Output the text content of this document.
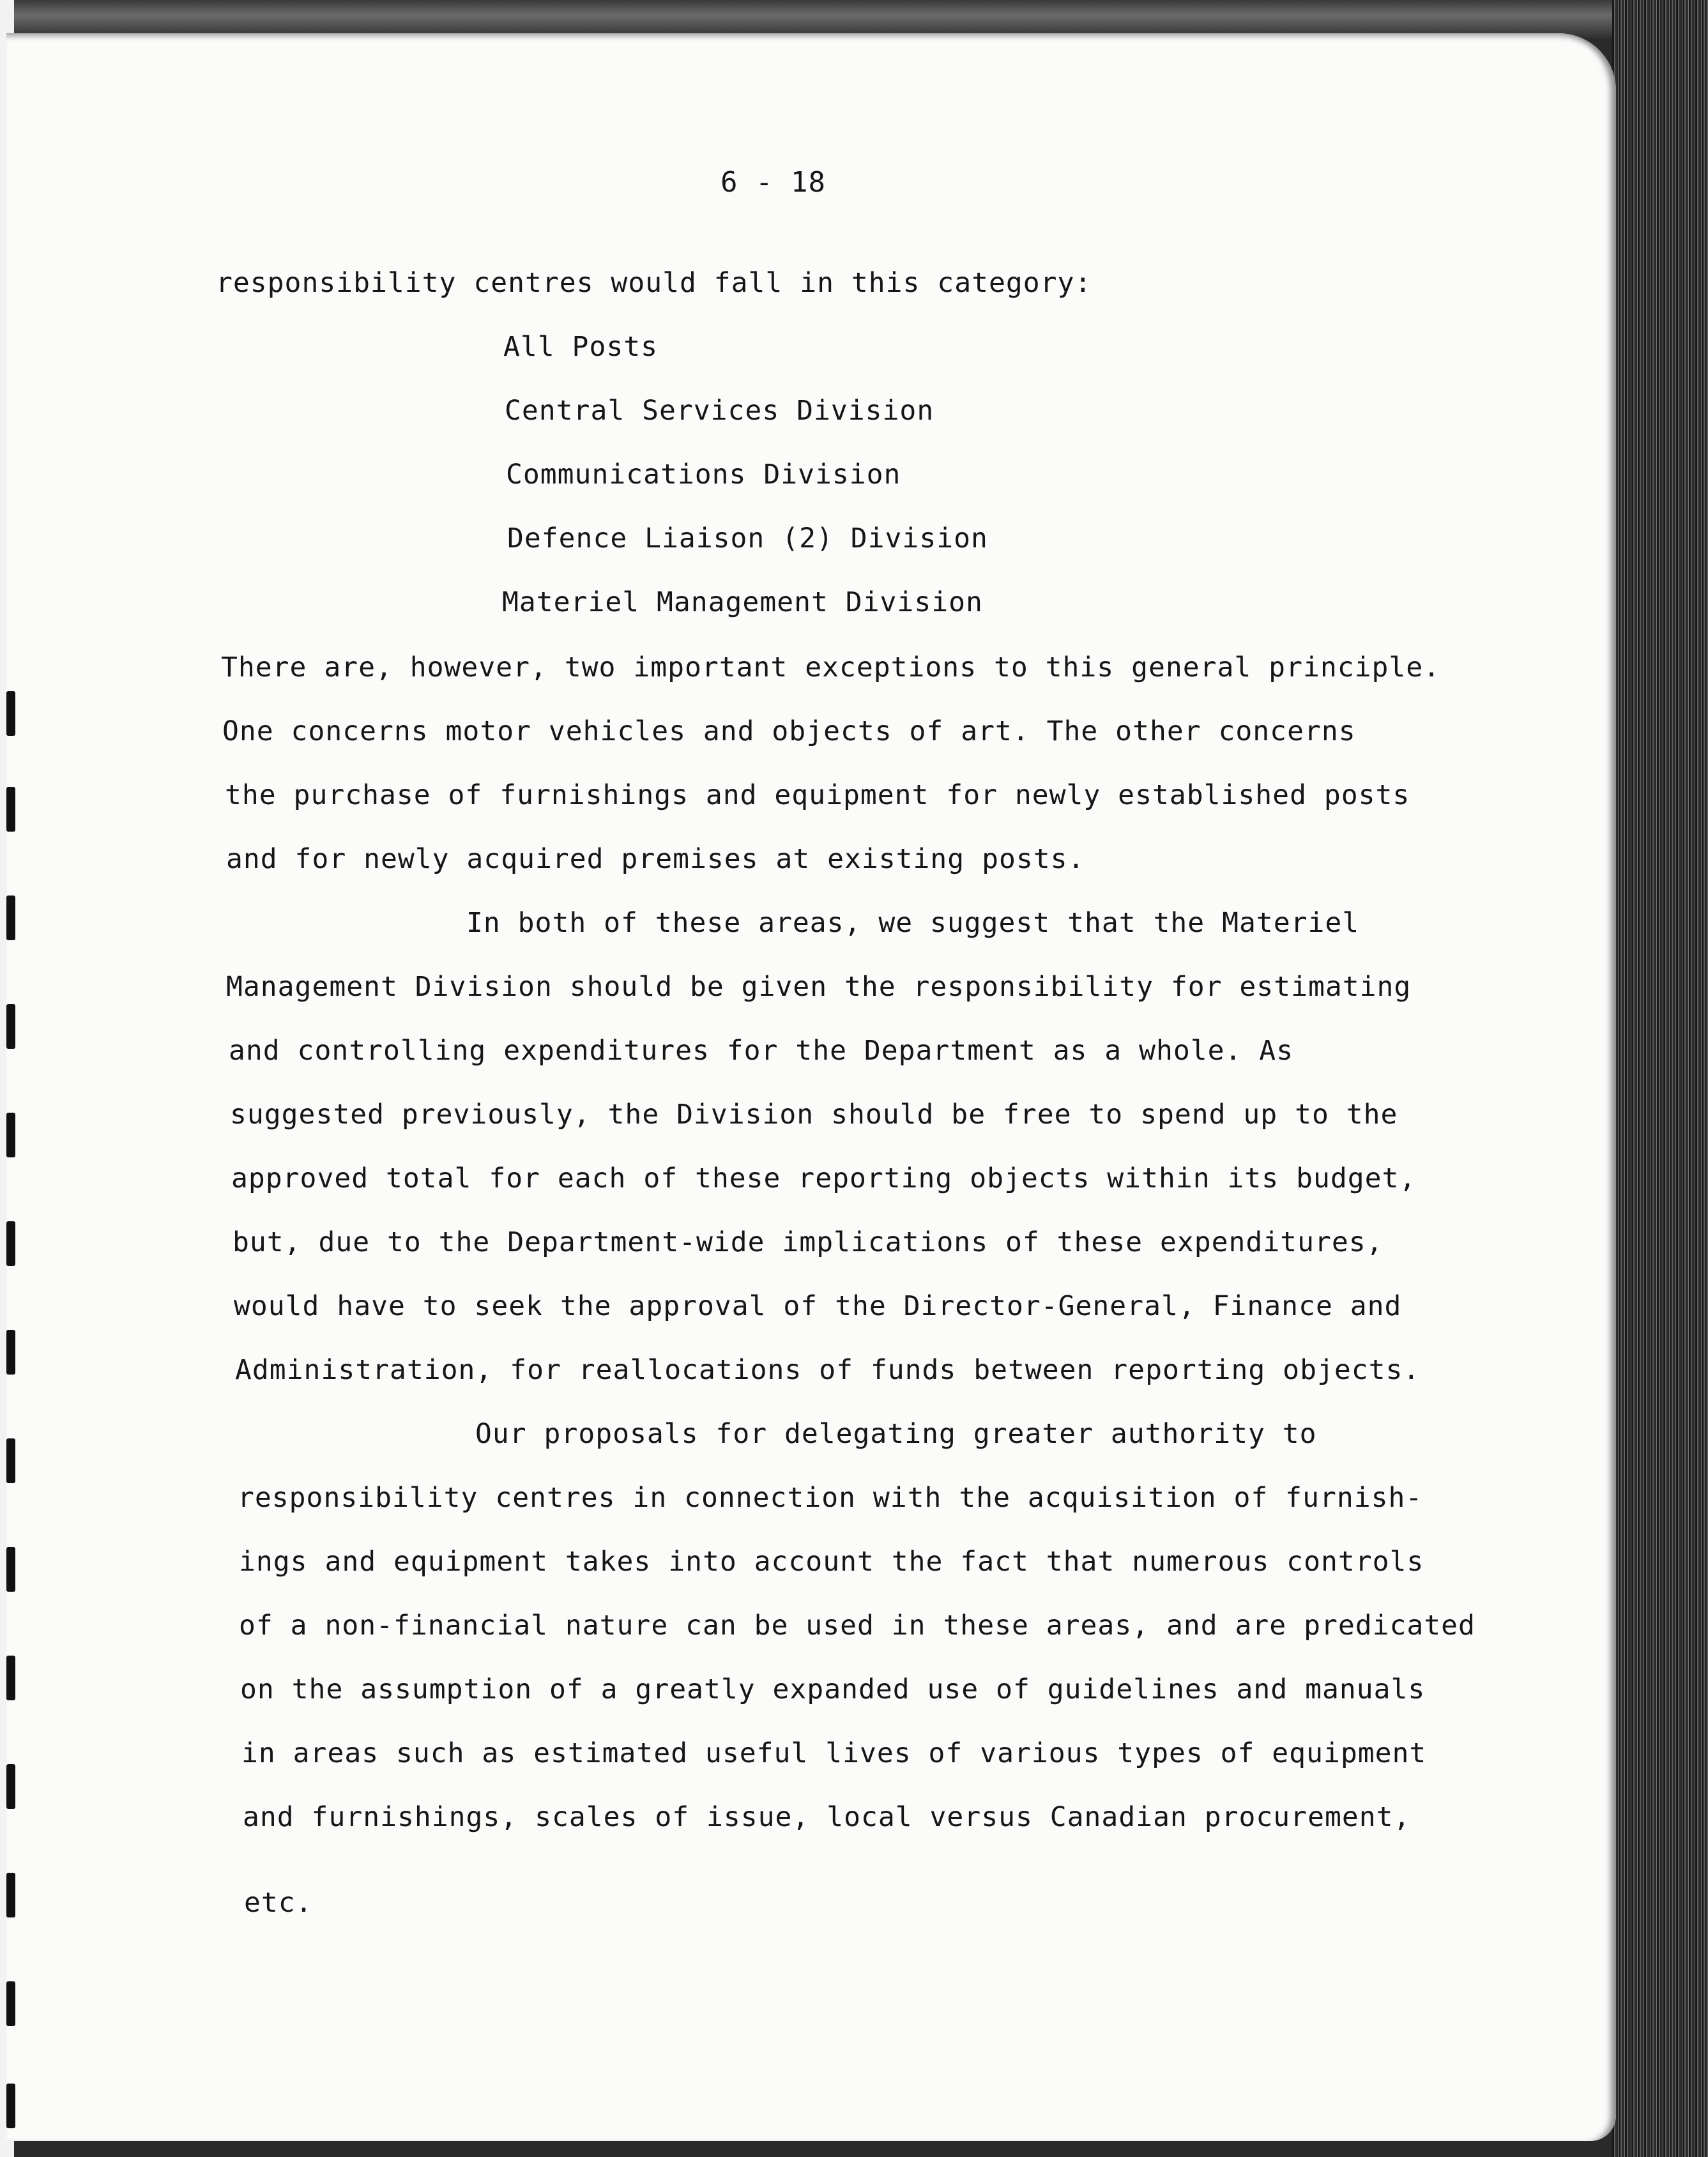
6 - 18

responsibility centres would fall in this category:

All Posts

Central Services Division

Communications Division

Defence Liaison (2) Division

Materiel Management Division

There are, however, two important exceptions to this general principle.

One concerns motor vehicles and objects of art. The other concerns

the purchase of furnishings and equipment for newly established posts

and for newly acquired premises at existing posts.

In both of these areas, we suggest that the Materiel

Management Division should be given the responsibility for estimating

and controlling expenditures for the Department as a whole. As

suggested previously, the Division should be free to spend up to the

approved total for each of these reporting objects within its budget,

but, due to the Department-wide implications of these expenditures,

would have to seek the approval of the Director-General, Finance and

Administration, for reallocations of funds between reporting objects.

Our proposals for delegating greater authority to

responsibility centres in connection with the acquisition of furnish-

ings and equipment takes into account the fact that numerous controls

of a non-financial nature can be used in these areas, and are predicated

on the assumption of a greatly expanded use of guidelines and manuals

in areas such as estimated useful lives of various types of equipment

and furnishings, scales of issue, local versus Canadian procurement,

etc.
